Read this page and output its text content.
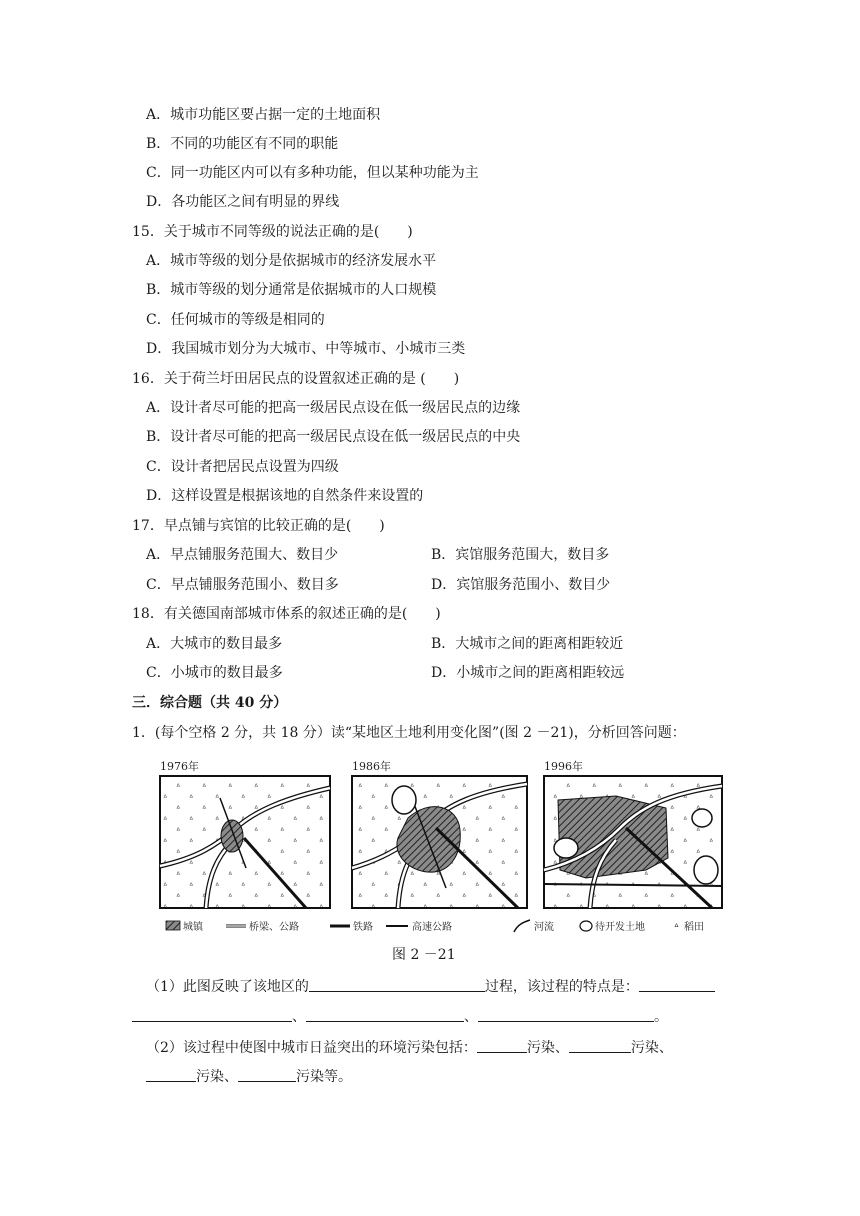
A．城市功能区要占据一定的土地面积
B．不同的功能区有不同的职能
C．同一功能区内可以有多种功能，但以某种功能为主
D．各功能区之间有明显的界线
15．关于城市不同等级的说法正确的是(　　)
A．城市等级的划分是依据城市的经济发展水平
B．城市等级的划分通常是依据城市的人口规模
C．任何城市的等级是相同的
D．我国城市划分为大城市、中等城市、小城市三类
16．关于荷兰圩田居民点的设置叙述正确的是 (　　)
A．设计者尽可能的把高一级居民点设在低一级居民点的边缘
B．设计者尽可能的把高一级居民点设在低一级居民点的中央
C．设计者把居民点设置为四级
D．这样设置是根据该地的自然条件来设置的
17．早点铺与宾馆的比较正确的是(　　)
A．早点铺服务范围大、数目少	B．宾馆服务范围大，数目多
C．早点铺服务范围小、数目多	D．宾馆服务范围小、数目少
18．有关德国南部城市体系的叙述正确的是(　　)
A．大城市的数目最多	B．大城市之间的距离相距较近
C．小城市的数目最多	D．小城市之间的距离相距较远
三．综合题（共 40 分）
1．(每个空格 2 分，共 18 分）读“某地区土地利用变化图”(图 2 －21)，分析回答问题：
1976年	1986年	1996年
城镇	桥梁、公路	铁路	高速公路	河流	待开发土地	ᐞ 稻田
图 2 －21
（1）此图反映了该地区的	过程，该过程的特点是：
、	、	。
（2）该过程中使图中城市日益突出的环境污染包括：	污染、	污染、
污染、	污染等。
